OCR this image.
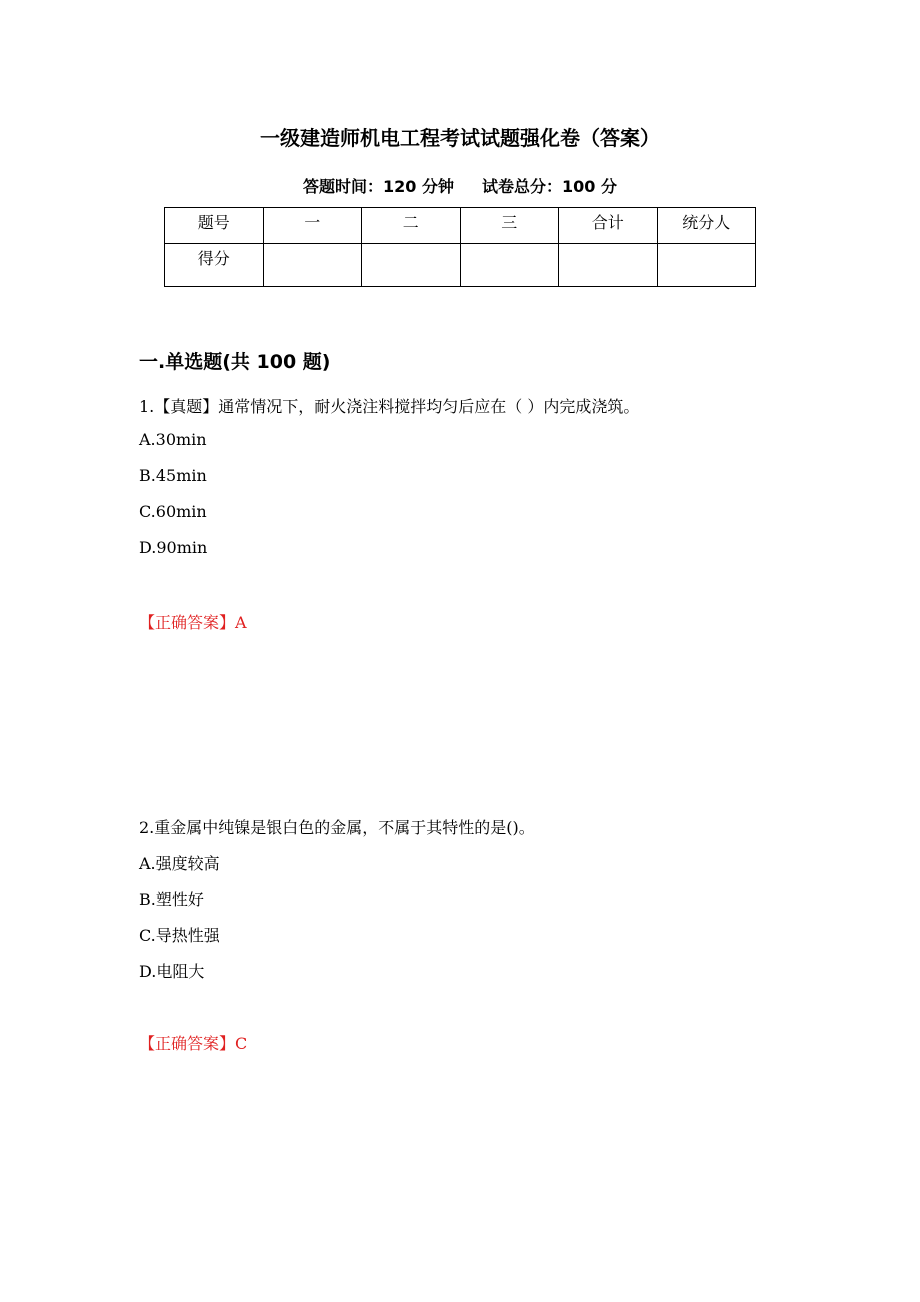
一级建造师机电工程考试试题强化卷（答案）
答题时间：120 分钟 试卷总分：100 分
题号	一	二	三	合计	统分人
得分					
一.单选题(共 100 题)
1.【真题】通常情况下，耐火浇注料搅拌均匀后应在（ ）内完成浇筑。
A.30min
B.45min
C.60min
D.90min
【正确答案】A
2.重金属中纯镍是银白色的金属，不属于其特性的是()。
A.强度较高
B.塑性好
C.导热性强
D.电阻大
【正确答案】C
